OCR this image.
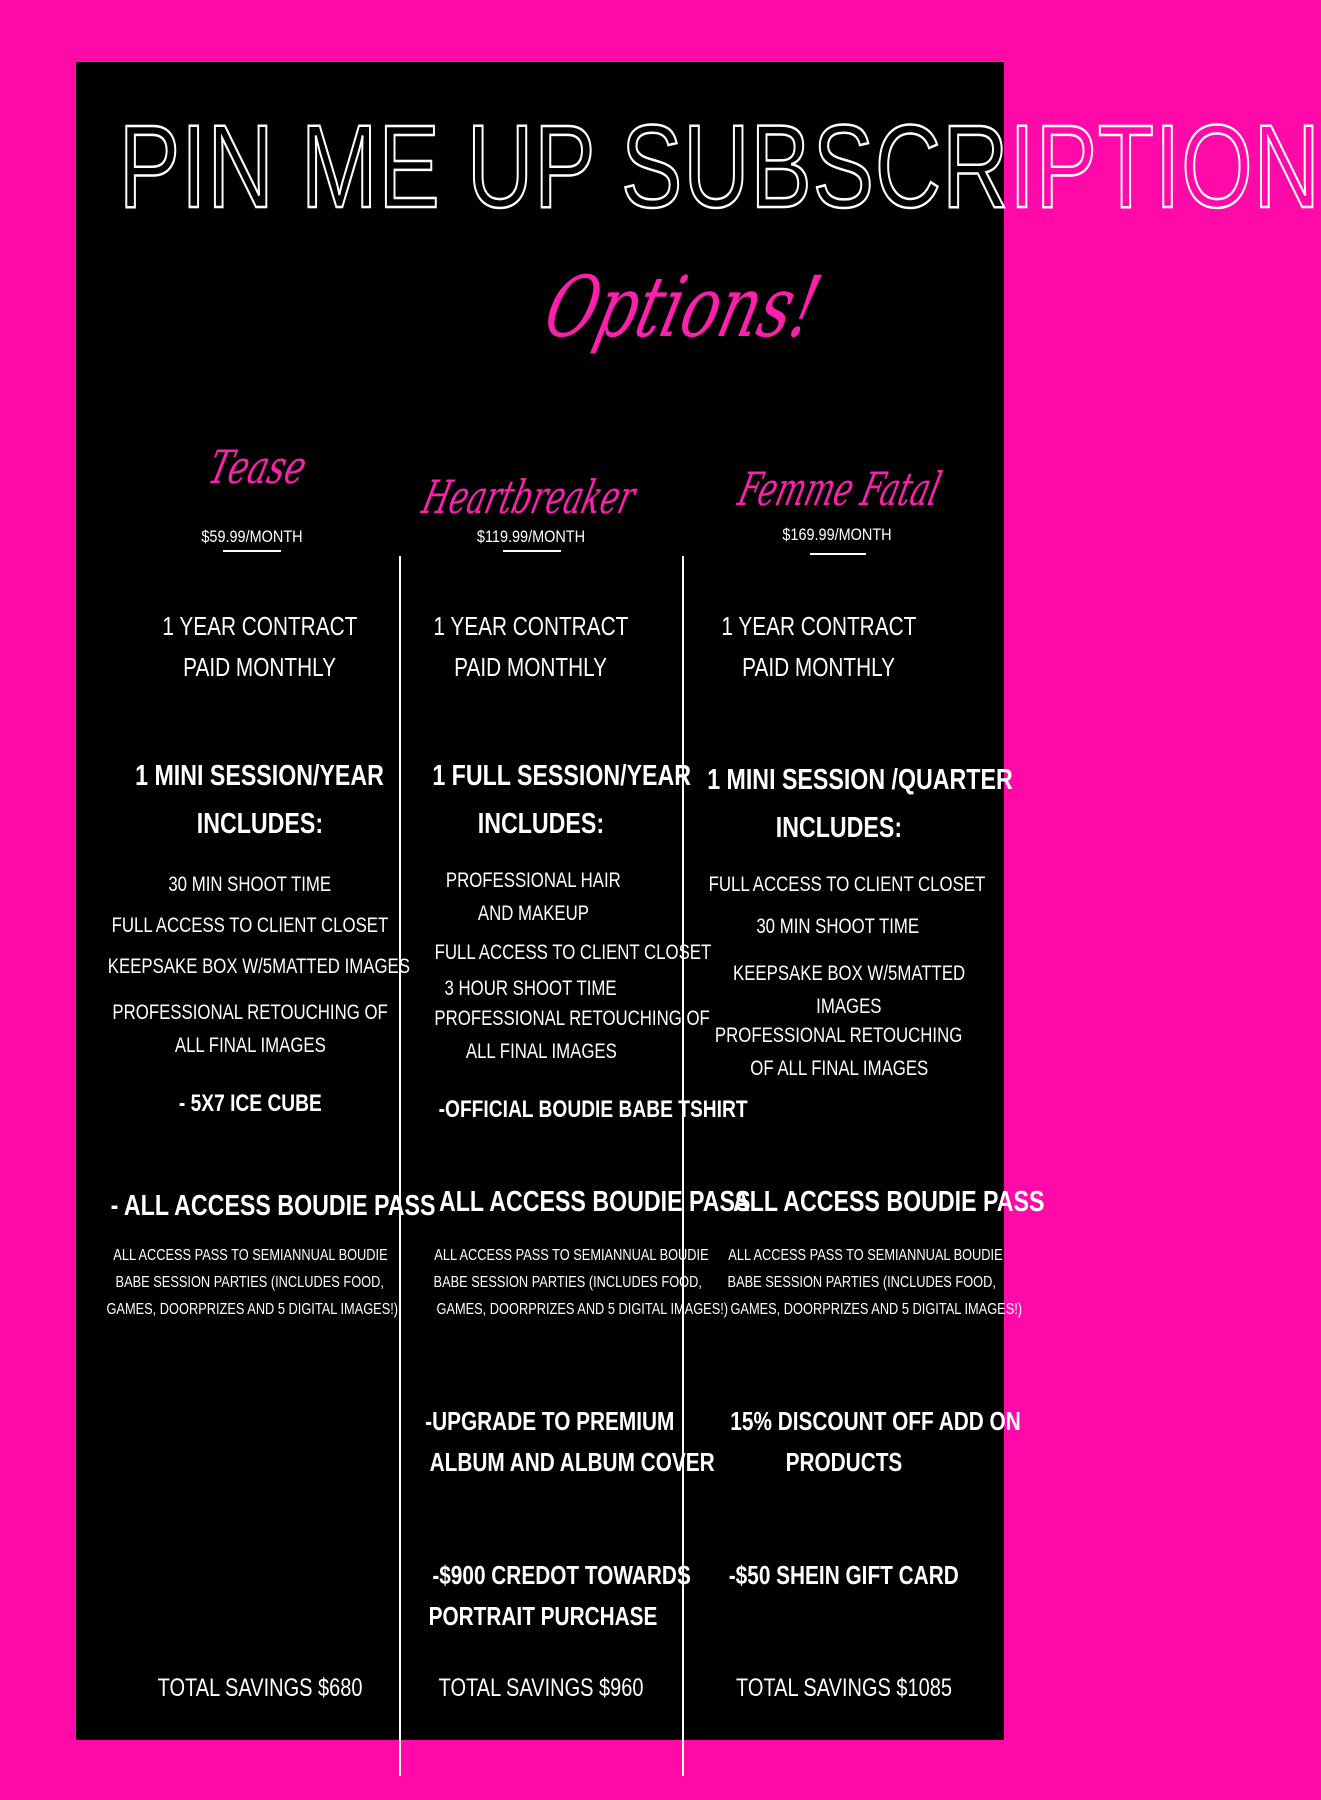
PIN ME UP SUBSCRIPTION
Options!
Tease
Heartbreaker Femme Fatal
$59.99/MONTH	$119.99/MONTH	$169.99/MONTH
1 YEAR CONTRACT
PAID MONTHLY
1 MINI SESSION/YEAR
INCLUDES:
30 MIN SHOOT TIME
FULL ACCESS TO CLIENT CLOSET
KEEPSAKE BOX W/5MATTED IMAGES
PROFESSIONAL RETOUCHING OF
ALL FINAL IMAGES
- 5X7 ICE CUBE
- ALL ACCESS BOUDIE PASS
ALL ACCESS PASS TO SEMIANNUAL BOUDIE
BABE SESSION PARTIES (INCLUDES FOOD,
GAMES, DOORPRIZES AND 5 DIGITAL IMAGES!)
TOTAL SAVINGS $680
1 YEAR CONTRACT
PAID MONTHLY
1 FULL SESSION/YEAR
INCLUDES:
PROFESSIONAL HAIR
AND MAKEUP
FULL ACCESS TO CLIENT CLOSET
3 HOUR SHOOT TIME
PROFESSIONAL RETOUCHING OF
ALL FINAL IMAGES
-OFFICIAL BOUDIE BABE TSHIRT
ALL ACCESS BOUDIE PASS
ALL ACCESS PASS TO SEMIANNUAL BOUDIE
BABE SESSION PARTIES (INCLUDES FOOD,
GAMES, DOORPRIZES AND 5 DIGITAL IMAGES!)
-UPGRADE TO PREMIUM
ALBUM AND ALBUM COVER
-$900 CREDOT TOWARDS
PORTRAIT PURCHASE
TOTAL SAVINGS $960
1 YEAR CONTRACT
PAID MONTHLY
1 MINI SESSION /QUARTER
INCLUDES:
FULL ACCESS TO CLIENT CLOSET
30 MIN SHOOT TIME
KEEPSAKE BOX W/5MATTED
IMAGES
PROFESSIONAL RETOUCHING
OF ALL FINAL IMAGES
ALL ACCESS BOUDIE PASS
ALL ACCESS PASS TO SEMIANNUAL BOUDIE
BABE SESSION PARTIES (INCLUDES FOOD,
GAMES, DOORPRIZES AND 5 DIGITAL IMAGES!)
15% DISCOUNT OFF ADD ON
PRODUCTS
-$50 SHEIN GIFT CARD
TOTAL SAVINGS $1085
